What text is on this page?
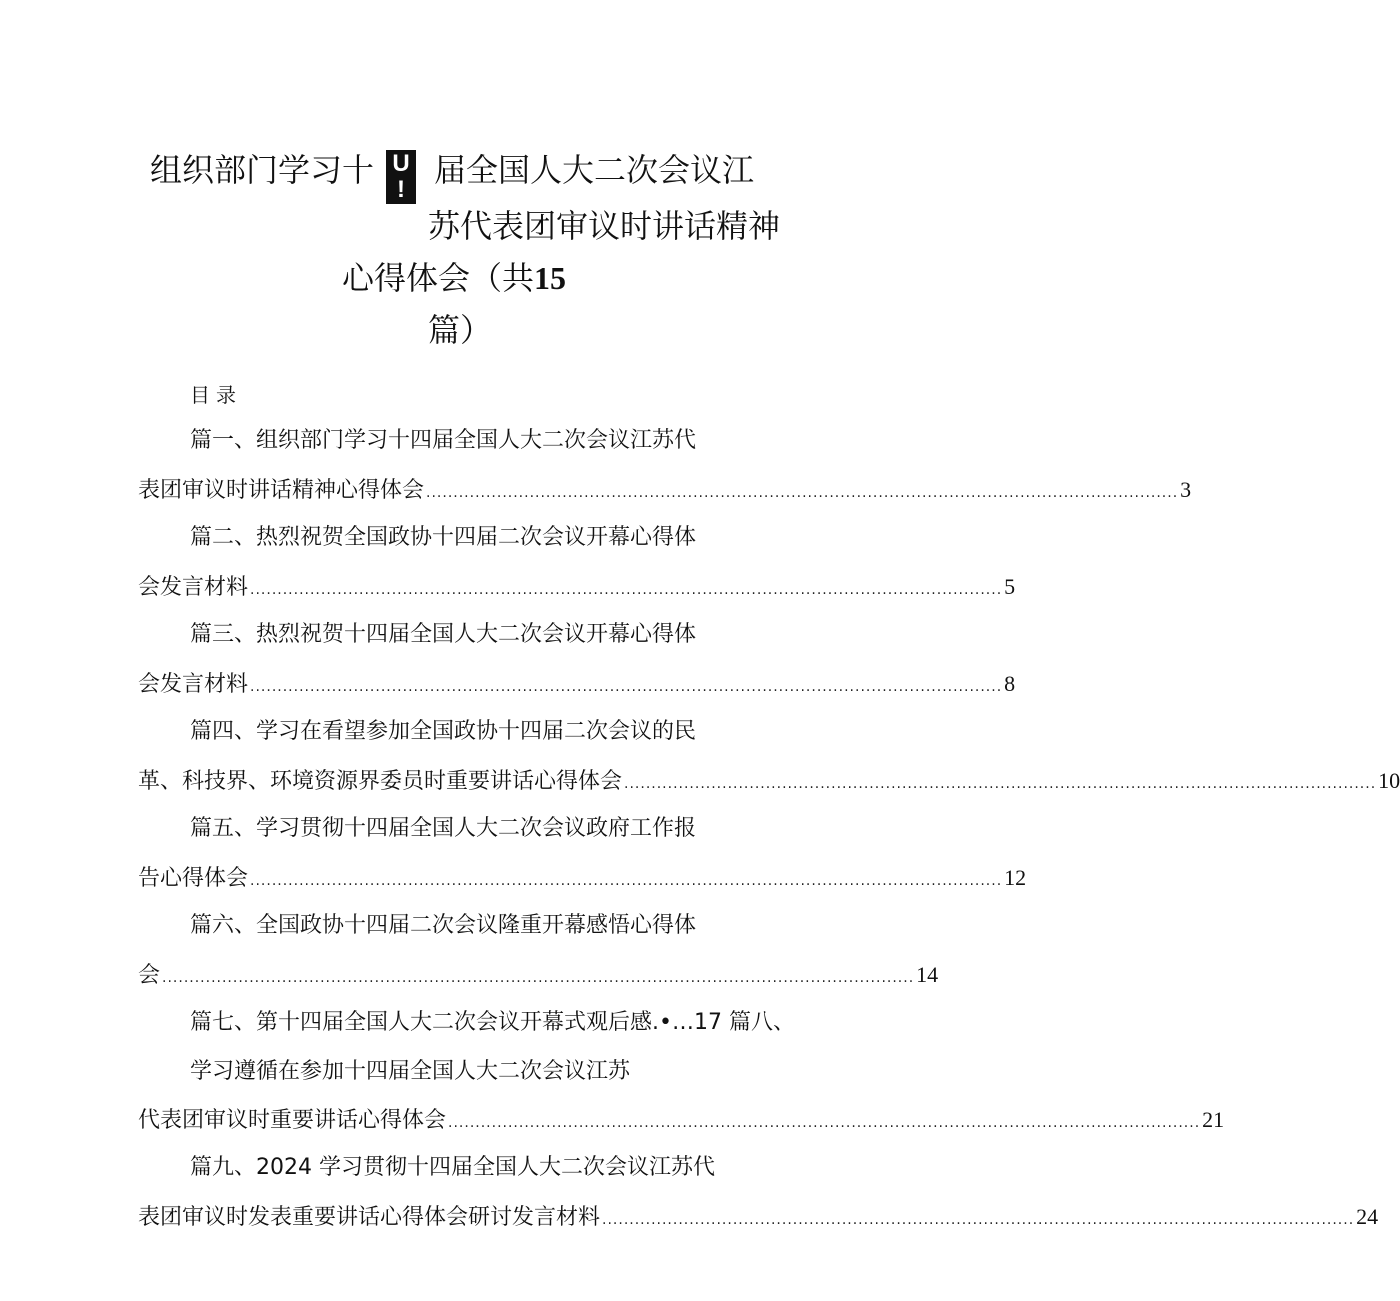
组织部门学习十 U
!届全国人大二次会议江
苏代表团审议时讲话精神
心得体会（共15
篇）
目录
篇一、组织部门学习十四届全国人大二次会议江苏代
表团审议时讲话精神心得体会 .......................................................................................................................................... 3
篇二、热烈祝贺全国政协十四届二次会议开幕心得体
会发言材料 .......................................................................................................................................... 5
篇三、热烈祝贺十四届全国人大二次会议开幕心得体
会发言材料 .......................................................................................................................................... 8
篇四、学习在看望参加全国政协十四届二次会议的民
革、科技界、环境资源界委员时重要讲话心得体会 .......................................................................................................................................... 10
篇五、学习贯彻十四届全国人大二次会议政府工作报
告心得体会 .......................................................................................................................................... 12
篇六、全国政协十四届二次会议隆重开幕感悟心得体
会 .......................................................................................................................................... 14
篇七、第十四届全国人大二次会议开幕式观后感.•…17 篇八、
学习遵循在参加十四届全国人大二次会议江苏
代表团审议时重要讲话心得体会 .......................................................................................................................................... 21
篇九、2024 学习贯彻十四届全国人大二次会议江苏代
表团审议时发表重要讲话心得体会研讨发言材料 .......................................................................................................................................... 24
